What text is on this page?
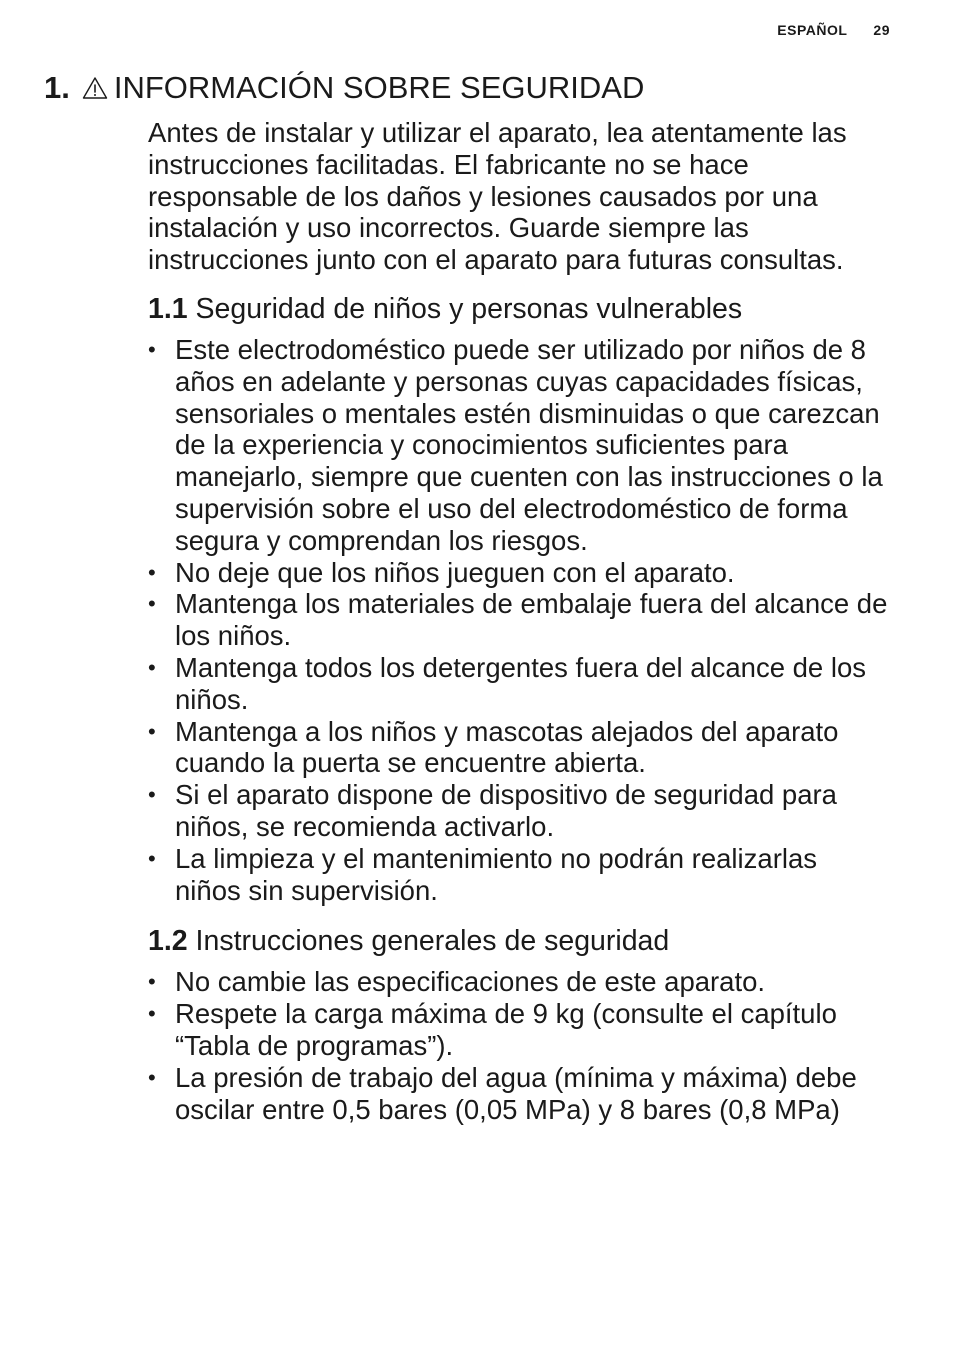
ESPAÑOL 29
1. INFORMACIÓN SOBRE SEGURIDAD

Antes de instalar y utilizar el aparato, lea atentamente las instrucciones facilitadas. El fabricante no se hace responsable de los daños y lesiones causados por una instalación y uso incorrectos. Guarde siempre las instrucciones junto con el aparato para futuras consultas.

1.1 Seguridad de niños y personas vulnerables
• Este electrodoméstico puede ser utilizado por niños de 8 años en adelante y personas cuyas capacidades físicas, sensoriales o mentales estén disminuidas o que carezcan de la experiencia y conocimientos suficientes para manejarlo, siempre que cuenten con las instrucciones o la supervisión sobre el uso del electrodoméstico de forma segura y comprendan los riesgos.
• No deje que los niños jueguen con el aparato.
• Mantenga los materiales de embalaje fuera del alcance de los niños.
• Mantenga todos los detergentes fuera del alcance de los niños.
• Mantenga a los niños y mascotas alejados del aparato cuando la puerta se encuentre abierta.
• Si el aparato dispone de dispositivo de seguridad para niños, se recomienda activarlo.
• La limpieza y el mantenimiento no podrán realizarlas niños sin supervisión.
1.2 Instrucciones generales de seguridad
• No cambie las especificaciones de este aparato.
• Respete la carga máxima de 9 kg (consulte el capítulo “Tabla de programas”).
• La presión de trabajo del agua (mínima y máxima) debe oscilar entre 0,5 bares (0,05 MPa) y 8 bares (0,8 MPa)
